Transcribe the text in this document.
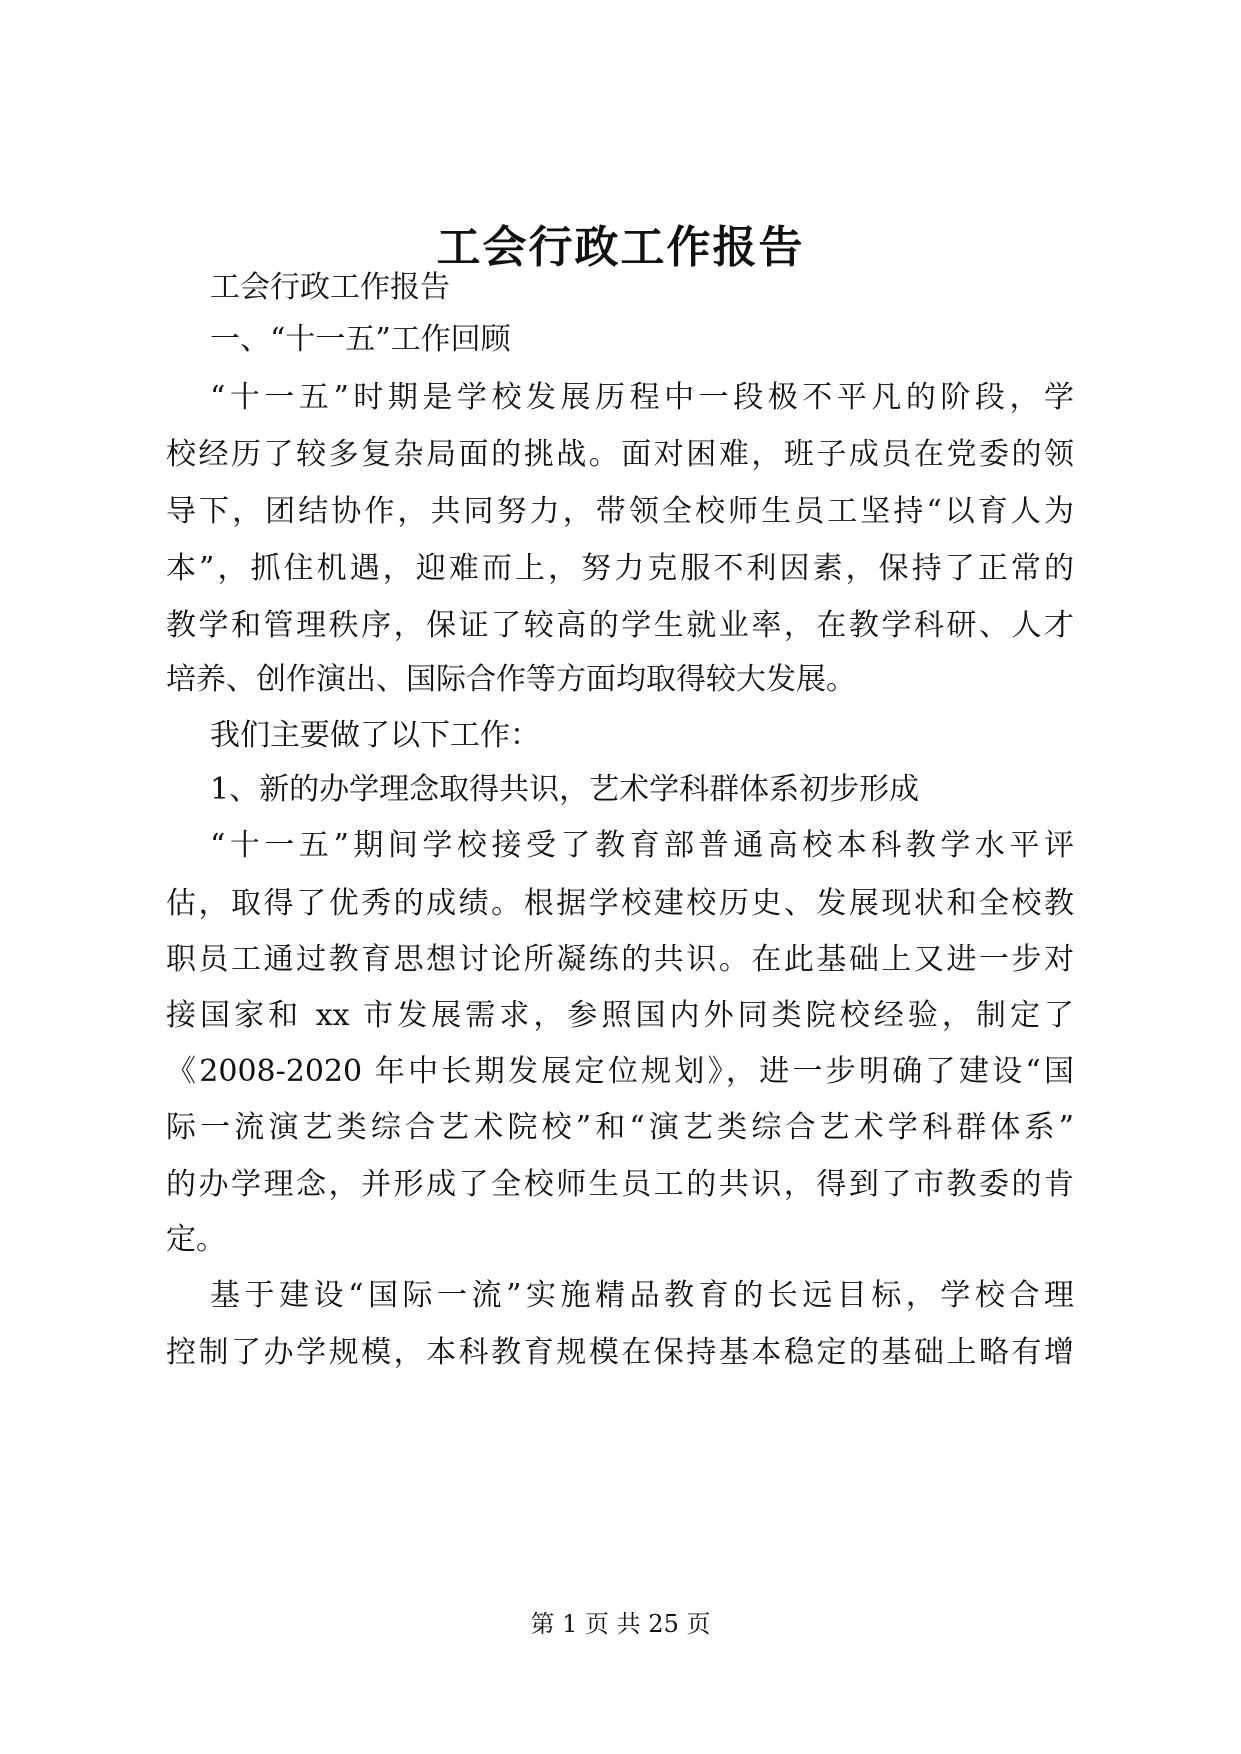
工会行政工作报告
工会行政工作报告
一、“十一五”工作回顾
“十一五”时期是学校发展历程中一段极不平凡的阶段，学
校经历了较多复杂局面的挑战。面对困难，班子成员在党委的领
导下，团结协作，共同努力，带领全校师生员工坚持“以育人为
本”，抓住机遇，迎难而上，努力克服不利因素，保持了正常的
教学和管理秩序，保证了较高的学生就业率，在教学科研、人才
培养、创作演出、国际合作等方面均取得较大发展。
我们主要做了以下工作：
1、新的办学理念取得共识，艺术学科群体系初步形成
“十一五”期间学校接受了教育部普通高校本科教学水平评
估，取得了优秀的成绩。根据学校建校历史、发展现状和全校教
职员工通过教育思想讨论所凝练的共识。在此基础上又进一步对
接国家和 xx 市发展需求，参照国内外同类院校经验，制定了
《2008-2020 年中长期发展定位规划》，进一步明确了建设“国
际一流演艺类综合艺术院校”和“演艺类综合艺术学科群体系”
的办学理念，并形成了全校师生员工的共识，得到了市教委的肯
定。
基于建设“国际一流”实施精品教育的长远目标，学校合理
控制了办学规模，本科教育规模在保持基本稳定的基础上略有增
第 1 页 共 25 页
